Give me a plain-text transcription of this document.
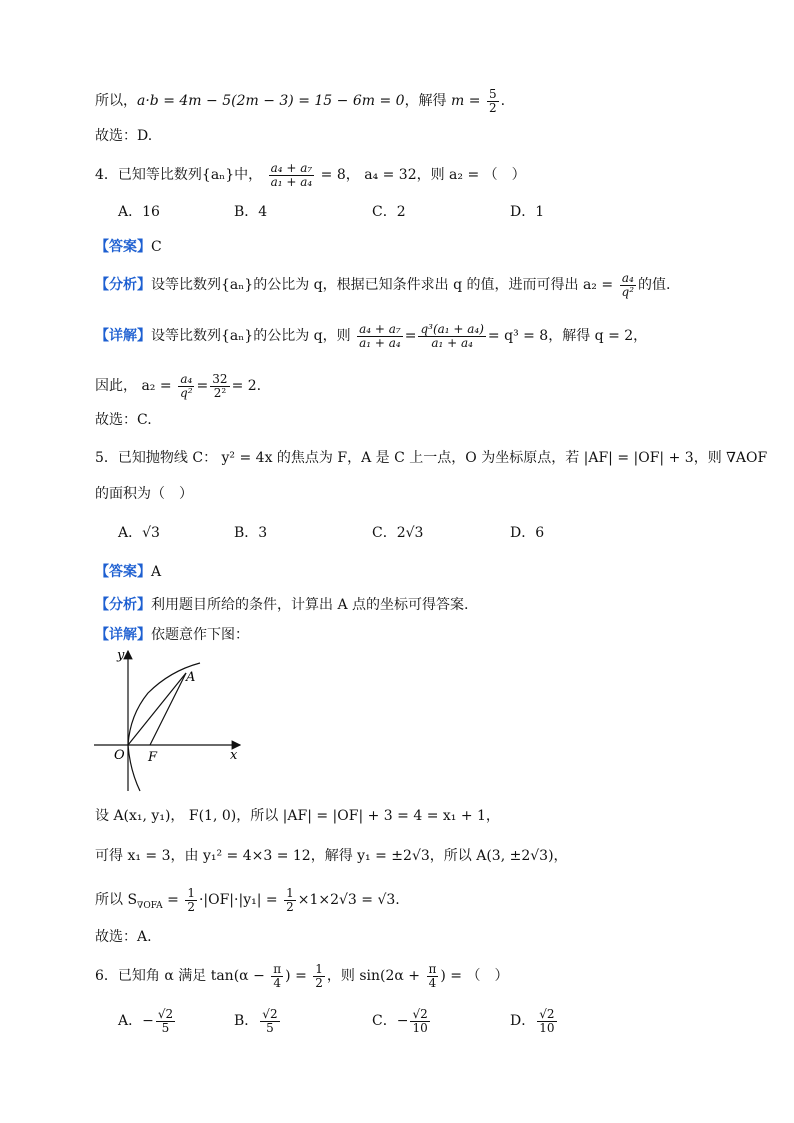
所以，a·b = 4m − 5(2m − 3) = 15 − 6m = 0，解得 $m = \frac{5}{2}$ .
故选：D.
4．已知等比数列{aₙ}中， $\frac{\text{a₄ + a₇}}{\text{a₁ + a₄}} = 8$， a₄ = 32，则 a₂ = （　）
A．16	B．4	C．2	D．1
【答案】C
【分析】设等比数列{aₙ}的公比为 q，根据已知条件求出 q 的值，进而可得出 $a_2 = \frac{\text{a₄}}{\text{q²}}$ 的值.
【详解】设等比数列{aₙ}的公比为 q，则 $\frac{\text{a₄ + a₇}}{\text{a₁ + a₄}} = \frac{\text{q³(a₁ + a₄)}}{\text{a₁ + a₄}} = q^3 = 8$，解得 q = 2，
因此， $a_2 = \frac{\text{a₄}}{\text{q²}} = \frac{32}{\text{2²}} = 2$.
故选：C.
5．已知抛物线 C： y² = 4x 的焦点为 F，A 是 C 上一点，O 为坐标原点，若 |AF| = |OF| + 3，则 ∇AOF
的面积为（　）
A．√3	B．3	C．2√3	D．6
【答案】A
【分析】利用题目所给的条件，计算出 A 点的坐标可得答案.
【详解】依题意作下图：
y
x
O F
A
设 A(x₁, y₁)， F(1, 0)，所以 |AF| = |OF| + 3 = 4 = x₁ + 1，
可得 x₁ = 3，由 y₁² = 4×3 = 12，解得 y₁ = ±2√3，所以 A(3, ±2√3)，
所以 $S_{\nabla OFA} = \frac{1}{2} \cdot|OF|\cdot|y_1| = \frac{1}{2} \times 1\times 2√3 = √3$.
故选：A.
6．已知角 α 满足 $\tan(\alpha - \frac{\pi}{4}$ ) = $\frac{1}{2}$ ，则 $\sin(2\alpha + \frac{\pi}{4}$ ) = （　）
A．− $\frac{√2}{5}$	B． $\frac{√2}{5}$	C．− $\frac{√2}{10}$	D． $\frac{√2}{10}$
